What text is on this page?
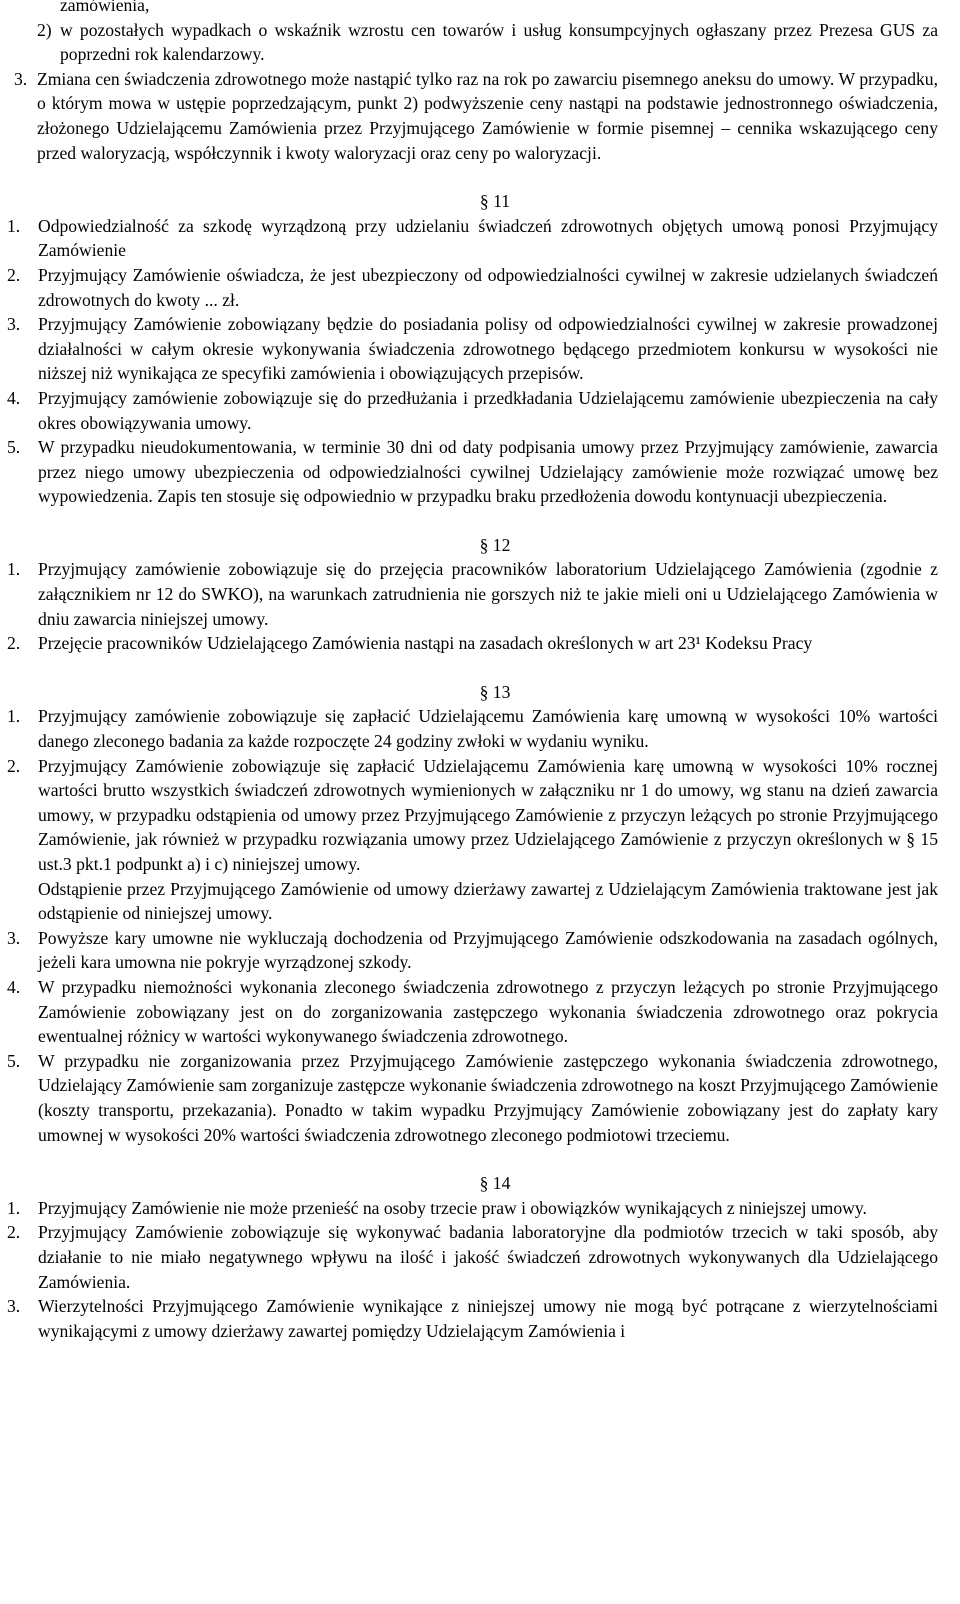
zamówienia,
2) w pozostałych wypadkach o wskaźnik wzrostu cen towarów i usług konsumpcyjnych ogłaszany przez Prezesa GUS za poprzedni rok kalendarzowy.
3. Zmiana cen świadczenia zdrowotnego może nastąpić tylko raz na rok po zawarciu pisemnego aneksu do umowy. W przypadku, o którym mowa w ustępie poprzedzającym, punkt 2) podwyższenie ceny nastąpi na podstawie jednostronnego oświadczenia, złożonego Udzielającemu Zamówienia przez Przyjmującego Zamówienie w formie pisemnej – cennika wskazującego ceny przed waloryzacją, współczynnik i kwoty waloryzacji oraz ceny po waloryzacji.
§ 11
1. Odpowiedzialność za szkodę wyrządzoną przy udzielaniu świadczeń zdrowotnych objętych umową ponosi Przyjmujący Zamówienie
2. Przyjmujący Zamówienie oświadcza, że jest ubezpieczony od odpowiedzialności cywilnej w zakresie udzielanych świadczeń zdrowotnych do kwoty ... zł.
3. Przyjmujący Zamówienie zobowiązany będzie do posiadania polisy od odpowiedzialności cywilnej w zakresie prowadzonej działalności w całym okresie wykonywania świadczenia zdrowotnego będącego przedmiotem konkursu w wysokości nie niższej niż wynikająca ze specyfiki zamówienia i obowiązujących przepisów.
4. Przyjmujący zamówienie zobowiązuje się do przedłużania i przedkładania Udzielającemu zamówienie ubezpieczenia na cały okres obowiązywania umowy.
5. W przypadku nieudokumentowania, w terminie 30 dni od daty podpisania umowy przez Przyjmujący zamówienie, zawarcia przez niego umowy ubezpieczenia od odpowiedzialności cywilnej Udzielający zamówienie może rozwiązać umowę bez wypowiedzenia. Zapis ten stosuje się odpowiednio w przypadku braku przedłożenia dowodu kontynuacji ubezpieczenia.
§ 12
1. Przyjmujący zamówienie zobowiązuje się do przejęcia pracowników laboratorium Udzielającego Zamówienia (zgodnie z załącznikiem nr 12 do SWKO), na warunkach zatrudnienia nie gorszych niż te jakie mieli oni u Udzielającego Zamówienia w dniu zawarcia niniejszej umowy.
2. Przejęcie pracowników Udzielającego Zamówienia nastąpi na zasadach określonych w art 23¹ Kodeksu Pracy
§ 13
1. Przyjmujący zamówienie zobowiązuje się zapłacić Udzielającemu Zamówienia karę umowną w wysokości 10% wartości danego zleconego badania za każde rozpoczęte 24 godziny zwłoki w wydaniu wyniku.
2. Przyjmujący Zamówienie zobowiązuje się zapłacić Udzielającemu Zamówienia karę umowną w wysokości 10% rocznej wartości brutto wszystkich świadczeń zdrowotnych wymienionych w załączniku nr 1 do umowy, wg stanu na dzień zawarcia umowy, w przypadku odstąpienia od umowy przez Przyjmującego Zamówienie z przyczyn leżących po stronie Przyjmującego Zamówienie, jak również w przypadku rozwiązania umowy przez Udzielającego Zamówienie z przyczyn określonych w § 15 ust.3 pkt.1 podpunkt a) i c) niniejszej umowy.
Odstąpienie przez Przyjmującego Zamówienie od umowy dzierżawy zawartej z Udzielającym Zamówienia traktowane jest jak odstąpienie od niniejszej umowy.
3. Powyższe kary umowne nie wykluczają dochodzenia od Przyjmującego Zamówienie odszkodowania na zasadach ogólnych, jeżeli kara umowna nie pokryje wyrządzonej szkody.
4. W przypadku niemożności wykonania zleconego świadczenia zdrowotnego z przyczyn leżących po stronie Przyjmującego Zamówienie zobowiązany jest on do zorganizowania zastępczego wykonania świadczenia zdrowotnego oraz pokrycia ewentualnej różnicy w wartości wykonywanego świadczenia zdrowotnego.
5. W przypadku nie zorganizowania przez Przyjmującego Zamówienie zastępczego wykonania świadczenia zdrowotnego, Udzielający Zamówienie sam zorganizuje zastępcze wykonanie świadczenia zdrowotnego na koszt Przyjmującego Zamówienie (koszty transportu, przekazania). Ponadto w takim wypadku Przyjmujący Zamówienie zobowiązany jest do zapłaty kary umownej w wysokości 20% wartości świadczenia zdrowotnego zleconego podmiotowi trzeciemu.
§ 14
1. Przyjmujący Zamówienie nie może przenieść na osoby trzecie praw i obowiązków wynikających z niniejszej umowy.
2. Przyjmujący Zamówienie zobowiązuje się wykonywać badania laboratoryjne dla podmiotów trzecich w taki sposób, aby działanie to nie miało negatywnego wpływu na ilość i jakość świadczeń zdrowotnych wykonywanych dla Udzielającego Zamówienia.
3. Wierzytelności Przyjmującego Zamówienie wynikające z niniejszej umowy nie mogą być potrącane z wierzytelnościami wynikającymi z umowy dzierżawy zawartej pomiędzy Udzielającym Zamówienia i
